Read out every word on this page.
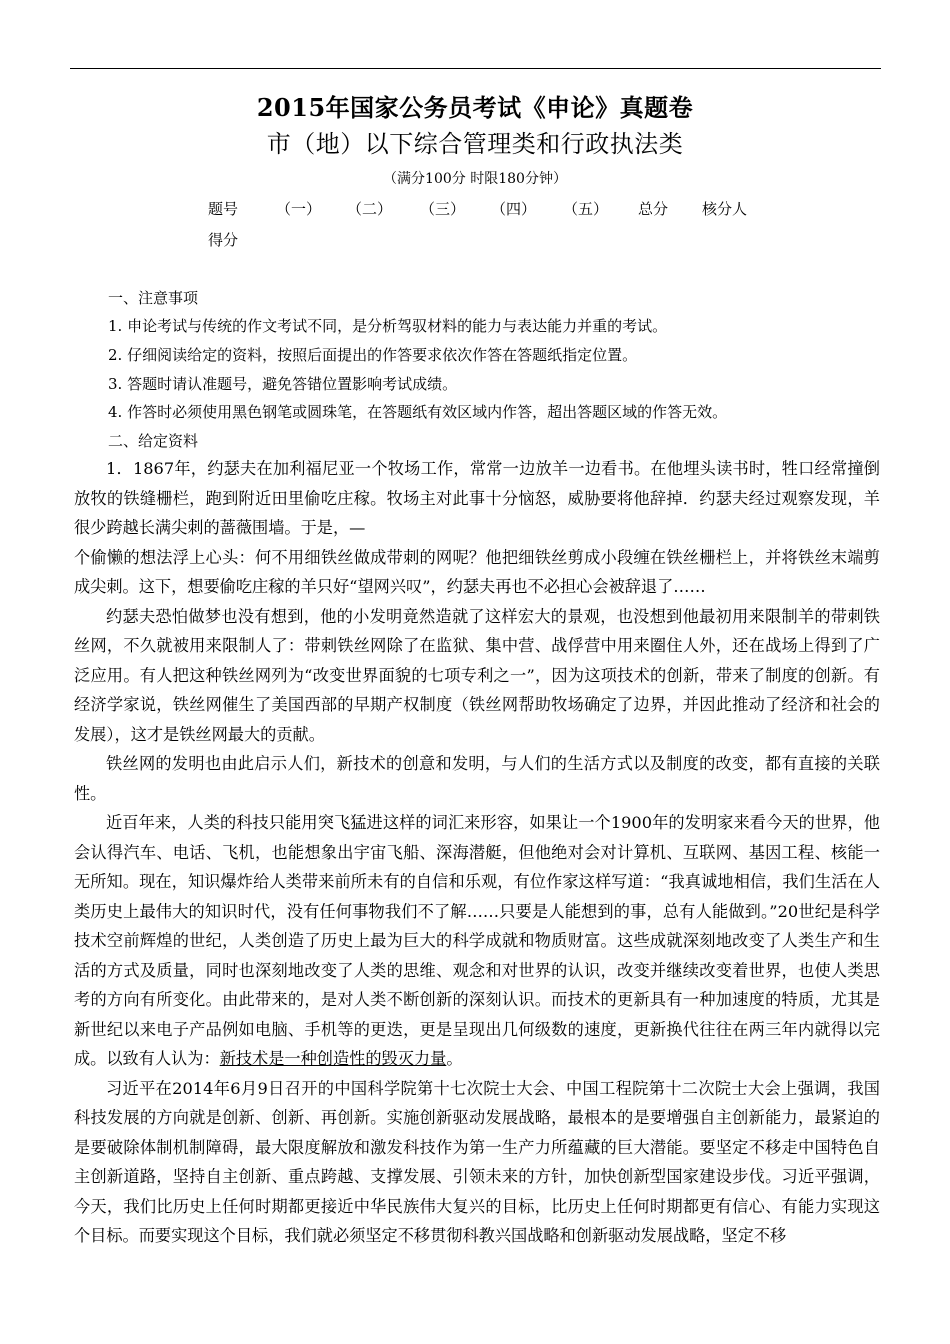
2015年国家公务员考试《申论》真题卷
市（地）以下综合管理类和行政执法类
（满分100分 时限180分钟）
题号	（一） （二） （三） （四） （五） 总分 核分人
得分
一、注意事项
1. 申论考试与传统的作文考试不同，是分析驾驭材料的能力与表达能力并重的考试。
2. 仔细阅读给定的资料，按照后面提出的作答要求依次作答在答题纸指定位置。
3. 答题时请认准题号，避免答错位置影响考试成绩。
4. 作答时必须使用黑色钢笔或圆珠笔，在答题纸有效区域内作答，超出答题区域的作答无效。
二、给定资料

1．1867年，约瑟夫在加利福尼亚一个牧场工作，常常一边放羊一边看书。在他埋头读书时，牲口经常撞倒放牧的铁缝栅栏，跑到附近田里偷吃庄稼。牧场主对此事十分恼怒，威胁要将他辞掉．约瑟夫经过观察发现，羊很少跨越长满尖刺的蔷薇围墙。于是，—

个偷懒的想法浮上心头：何不用细铁丝做成带刺的网呢？他把细铁丝剪成小段缠在铁丝栅栏上，并将铁丝末端剪成尖刺。这下，想要偷吃庄稼的羊只好“望网兴叹”，约瑟夫再也不必担心会被辞退了……

约瑟夫恐怕做梦也没有想到，他的小发明竟然造就了这样宏大的景观，也没想到他最初用来限制羊的带刺铁丝网，不久就被用来限制人了：带刺铁丝网除了在监狱、集中营、战俘营中用来圈住人外，还在战场上得到了广泛应用。有人把这种铁丝网列为“改变世界面貌的七项专利之一”，因为这项技术的创新，带来了制度的创新。有经济学家说，铁丝网催生了美国西部的早期产权制度（铁丝网帮助牧场确定了边界，并因此推动了经济和社会的发展），这才是铁丝网最大的贡献。

铁丝网的发明也由此启示人们，新技术的创意和发明，与人们的生活方式以及制度的改变，都有直接的关联性。

近百年来，人类的科技只能用突飞猛进这样的词汇来形容，如果让一个1900年的发明家来看今天的世界，他会认得汽车、电话、飞机，也能想象出宇宙飞船、深海潜艇，但他绝对会对计算机、互联网、基因工程、核能一无所知。现在，知识爆炸给人类带来前所未有的自信和乐观，有位作家这样写道：“我真诚地相信，我们生活在人类历史上最伟大的知识时代，没有任何事物我们不了解……只要是人能想到的事，总有人能做到。”20世纪是科学技术空前辉煌的世纪，人类创造了历史上最为巨大的科学成就和物质财富。这些成就深刻地改变了人类生产和生活的方式及质量，同时也深刻地改变了人类的思维、观念和对世界的认识，改变并继续改变着世界，也使人类思考的方向有所变化。由此带来的，是对人类不断创新的深刻认识。而技术的更新具有一种加速度的特质，尤其是新世纪以来电子产品例如电脑、手机等的更迭，更是呈现出几何级数的速度，更新换代往往在两三年内就得以完成。以致有人认为：新技术是一种创造性的毁灭力量。

习近平在2014年6月9日召开的中国科学院第十七次院士大会、中国工程院第十二次院士大会上强调，我国科技发展的方向就是创新、创新、再创新。实施创新驱动发展战略，最根本的是要增强自主创新能力，最紧迫的是要破除体制机制障碍，最大限度解放和激发科技作为第一生产力所蕴藏的巨大潜能。要坚定不移走中国特色自主创新道路，坚持自主创新、重点跨越、支撑发展、引领未来的方针，加快创新型国家建设步伐。习近平强调，今天，我们比历史上任何时期都更接近中华民族伟大复兴的目标，比历史上任何时期都更有信心、有能力实现这个目标。而要实现这个目标，我们就必须坚定不移贯彻科教兴国战略和创新驱动发展战略，坚定不移
